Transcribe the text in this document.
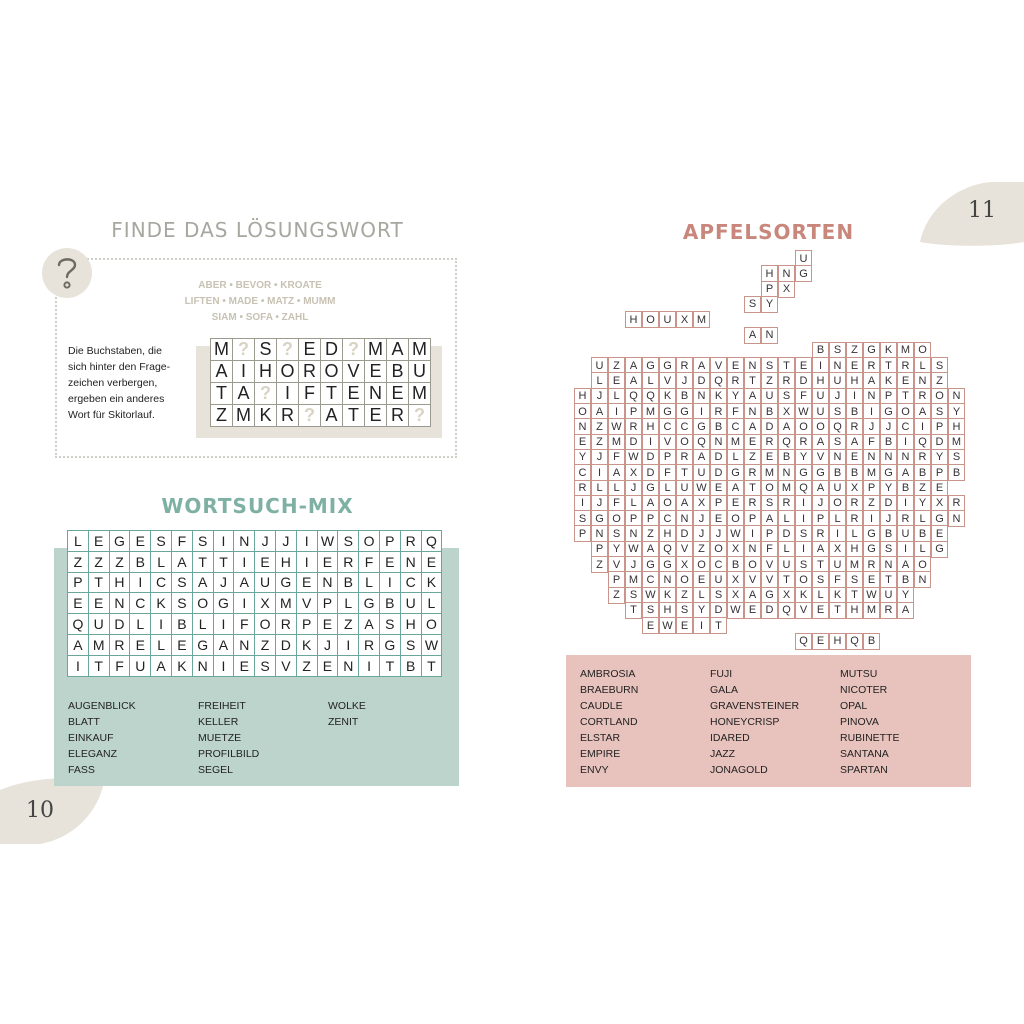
10
11
FINDE DAS LÖSUNGSWORT
ABER • BEVOR • KROATE
LIFTEN • MADE • MATZ • MUMM
SIAM • SOFA • ZAHL
Die Buchstaben, die
sich hinter den Frage-
zeichen verbergen,
ergeben ein anderes
Wort für Skitorlauf.
M ? S ? E D ? M A M
A I H O R O V E B U
T A ? I F T E N E M
Z M K R ? A T E R ?
WORTSUCH-MIX
L E G E S F S	I N J J	I W S O P R Q
Z Z Z B L A T T	I	E H I	E R F E N E
P T H I C S A J A U G E N B L	I C K
E E N C K S O G I	X M V P L G B U L
Q U D L	I	B L	I	F O R P E Z A S H O
A M R E L E G A N Z D K J	I R G S W
I	T F U A K N I	E S V Z E N I	T B T
AUGENBLICK
BLATT
EINKAUF
ELEGANZ
FASS
FREIHEIT
KELLER
MUETZE
PROFILBILD
SEGEL
WOLKE
ZENIT
APFELSORTEN
U
H N G
P X
S Y
H O U X M
A N
B S Z G K M O
U Z A G G R A V E N S T E	I	N E R T R L S
L E A L V J D Q R T Z R D H U H A K E N Z
H J	L Q Q K B N K Y A U S F U J	I	N P T R O N
O A	I	P M G G	I	R F N B X W U S B	I	G O A S Y
N Z W R H C C G B C A D A O O Q R J	J C	I	P H
E Z M D	I	V O Q N M E R Q R A S A F B	I	Q D M
Y J F W D P R A D L Z E B Y V N E N N N R Y S
C	I	A X D F T U D G R M N G G B B M G A B P B
R L L	J G L U W E A T O M Q A U X P Y B Z E
I	J F L A O A X P E R S R	I	J O R Z D	I	Y X R
S G O P P C N J E O P A L	I	P L R	I	J R L G N
P N S N Z H D J	J W I	P D S R	I	L G B U B E
P Y W A Q V Z O X N F L	I	A X H G S	I	L G
Z V J G G X O C B O V U S T U M R N A O
P M C N O E U X V V T O S F S E T B N
Z S W K Z L S X A G X K L K T W U Y
T S H S Y D W E D Q V E T H M R A
E W E	I	T
Q E H Q B
AMBROSIA
BRAEBURN
CAUDLE
CORTLAND
ELSTAR
EMPIRE
ENVY
FUJI
GALA
GRAVENSTEINER
HONEYCRISP
IDARED
JAZZ
JONAGOLD
MUTSU
NICOTER
OPAL
PINOVA
RUBINETTE
SANTANA
SPARTAN
